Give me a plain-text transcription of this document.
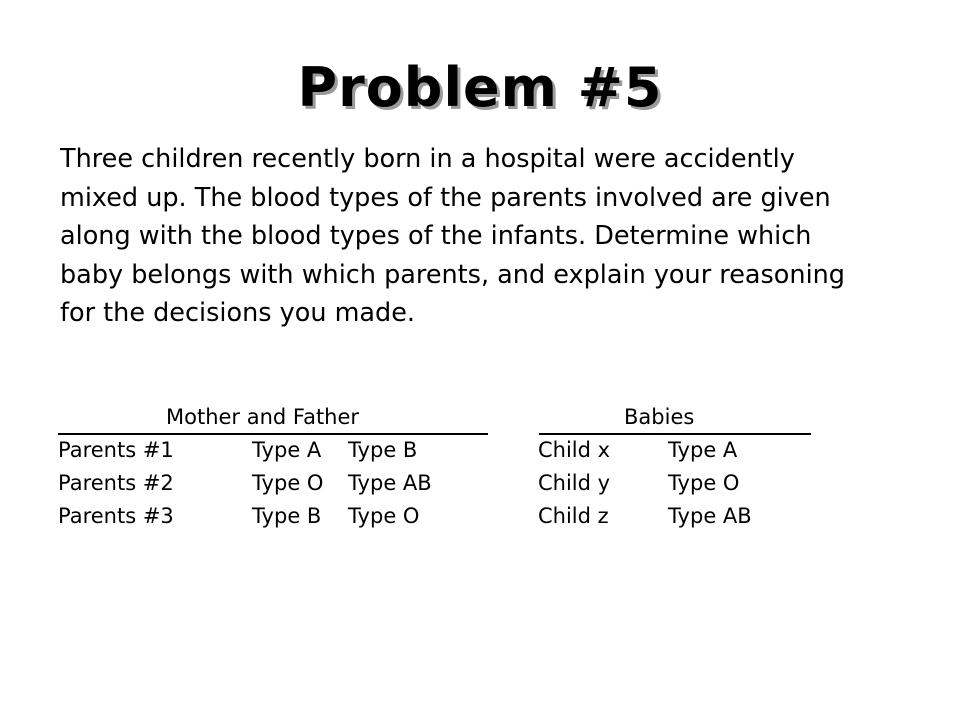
Problem #5

Three children recently born in a hospital were accidently mixed up. The blood types of the parents involved are given along with the blood types of the infants. Determine which baby belongs with which parents, and explain your reasoning for the decisions you made.

Mother and Father	Babies
Parents #1	Type A Type B	Child x	Type A
Parents #2	Type O Type AB	Child y	Type O
Parents #3	Type B Type O	Child z	Type AB
